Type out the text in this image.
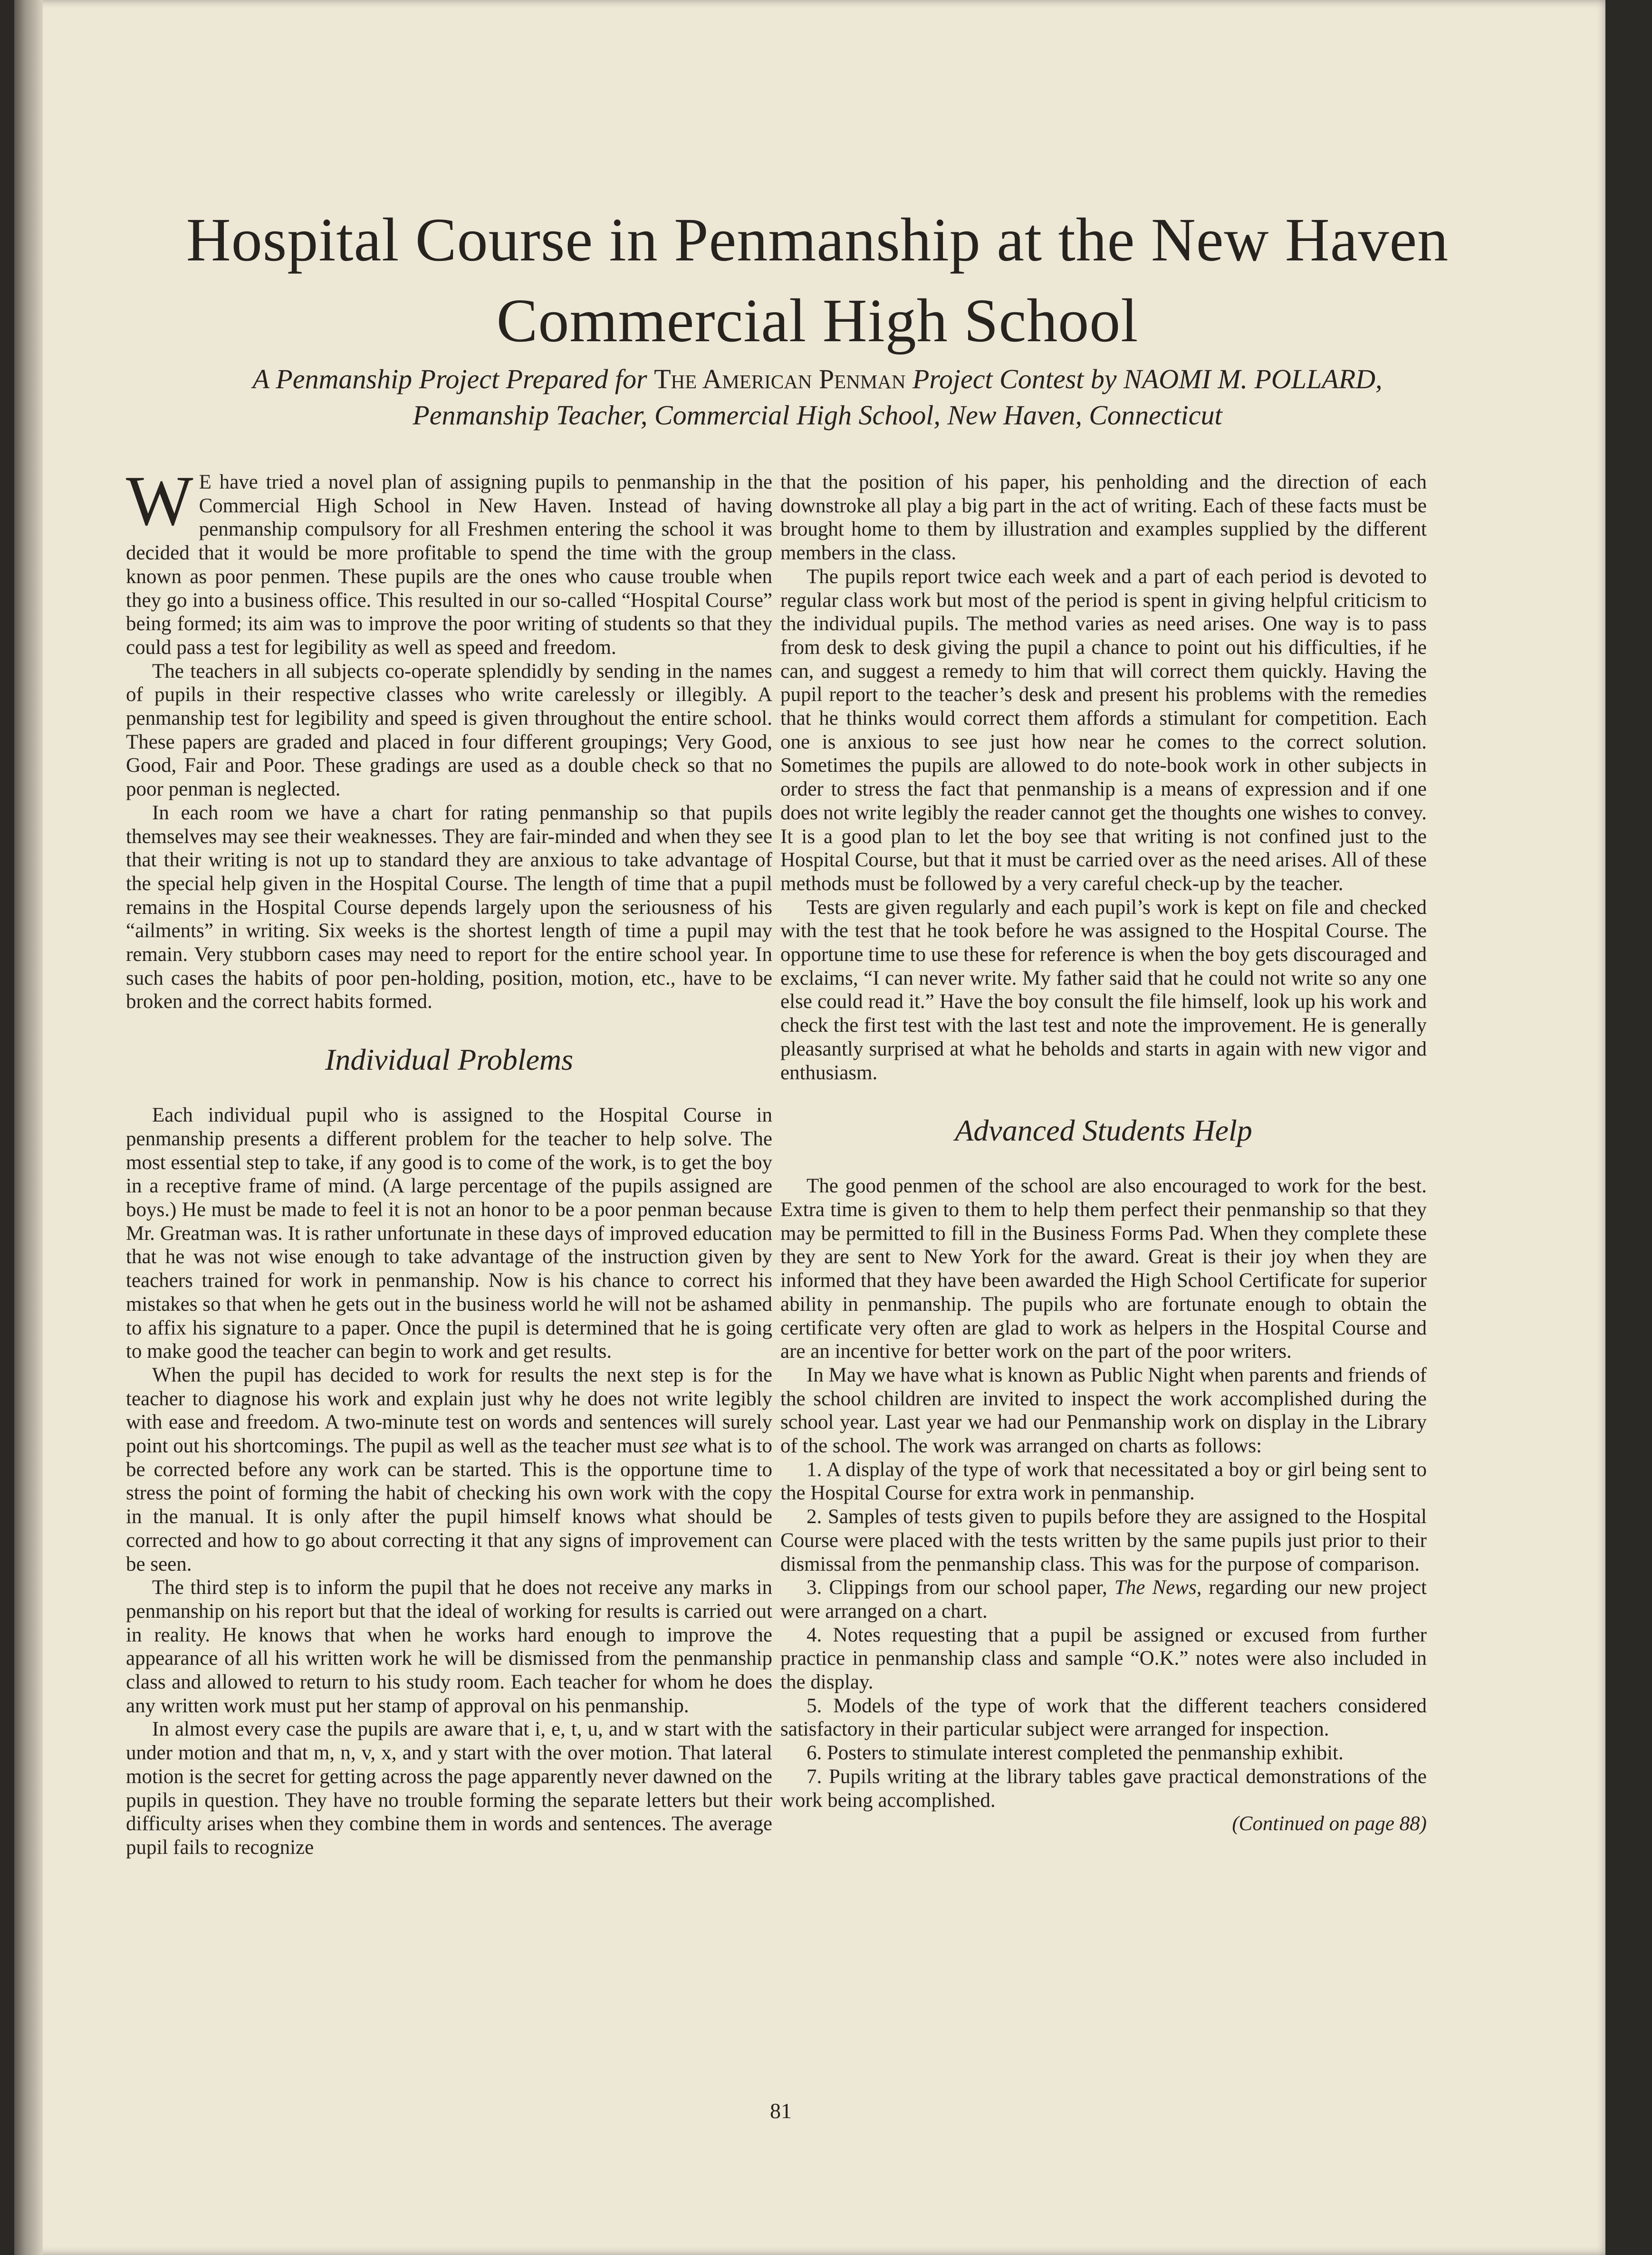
Hospital Course in Penmanship at the New Haven Commercial High School
A Penmanship Project Prepared for The American Penman Project Contest by NAOMI M. POLLARD,
Penmanship Teacher, Commercial High School, New Haven, Connecticut

W E have tried a novel plan of assigning pupils to penmanship in the Commercial High School in New Haven. Instead of having penmanship compulsory for all Freshmen entering the school it was decided that it would be more profitable to spend the time with the group known as poor penmen. These pupils are the ones who cause trouble when they go into a business office. This resulted in our so-called “Hospital Course” being formed; its aim was to improve the poor writing of students so that they could pass a test for legibility as well as speed and freedom.

The teachers in all subjects co-operate splendidly by sending in the names of pupils in their respective classes who write carelessly or illegibly. A penmanship test for legibility and speed is given throughout the entire school. These papers are graded and placed in four different groupings; Very Good, Good, Fair and Poor. These gradings are used as a double check so that no poor penman is neglected.

In each room we have a chart for rating penmanship so that pupils themselves may see their weaknesses. They are fair-minded and when they see that their writing is not up to standard they are anxious to take advantage of the special help given in the Hospital Course. The length of time that a pupil remains in the Hospital Course depends largely upon the seriousness of his “ailments” in writing. Six weeks is the shortest length of time a pupil may remain. Very stubborn cases may need to report for the entire school year. In such cases the habits of poor pen-holding, position, motion, etc., have to be broken and the correct habits formed.

Individual Problems

Each individual pupil who is assigned to the Hospital Course in penmanship presents a different problem for the teacher to help solve. The most essential step to take, if any good is to come of the work, is to get the boy in a receptive frame of mind. (A large percentage of the pupils assigned are boys.) He must be made to feel it is not an honor to be a poor penman because Mr. Greatman was. It is rather unfortunate in these days of improved education that he was not wise enough to take advantage of the instruction given by teachers trained for work in penmanship. Now is his chance to correct his mistakes so that when he gets out in the business world he will not be ashamed to affix his signature to a paper. Once the pupil is determined that he is going to make good the teacher can begin to work and get results.

When the pupil has decided to work for results the next step is for the teacher to diagnose his work and explain just why he does not write legibly with ease and freedom. A two-minute test on words and sentences will surely point out his shortcomings. The pupil as well as the teacher must see what is to be corrected before any work can be started. This is the opportune time to stress the point of forming the habit of checking his own work with the copy in the manual. It is only after the pupil himself knows what should be corrected and how to go about correcting it that any signs of improvement can be seen.

The third step is to inform the pupil that he does not receive any marks in penmanship on his report but that the ideal of working for results is carried out in reality. He knows that when he works hard enough to improve the appearance of all his written work he will be dismissed from the penmanship class and allowed to return to his study room. Each teacher for whom he does any written work must put her stamp of approval on his penmanship.

In almost every case the pupils are aware that i, e, t, u, and w start with the under motion and that m, n, v, x, and y start with the over motion. That lateral motion is the secret for getting across the page apparently never dawned on the pupils in question. They have no trouble forming the separate letters but their difficulty arises when they combine them in words and sentences. The average pupil fails to recognize

that the position of his paper, his penholding and the direction of each downstroke all play a big part in the act of writing. Each of these facts must be brought home to them by illustration and examples supplied by the different members in the class.

The pupils report twice each week and a part of each period is devoted to regular class work but most of the period is spent in giving helpful criticism to the individual pupils. The method varies as need arises. One way is to pass from desk to desk giving the pupil a chance to point out his difficulties, if he can, and suggest a remedy to him that will correct them quickly. Having the pupil report to the teacher’s desk and present his problems with the remedies that he thinks would correct them affords a stimulant for competition. Each one is anxious to see just how near he comes to the correct solution. Sometimes the pupils are allowed to do note-book work in other subjects in order to stress the fact that penmanship is a means of expression and if one does not write legibly the reader cannot get the thoughts one wishes to convey. It is a good plan to let the boy see that writing is not confined just to the Hospital Course, but that it must be carried over as the need arises. All of these methods must be followed by a very careful check-up by the teacher.

Tests are given regularly and each pupil’s work is kept on file and checked with the test that he took before he was assigned to the Hospital Course. The opportune time to use these for reference is when the boy gets discouraged and exclaims, “I can never write. My father said that he could not write so any one else could read it.” Have the boy consult the file himself, look up his work and check the first test with the last test and note the improvement. He is generally pleasantly surprised at what he beholds and starts in again with new vigor and enthusiasm.

Advanced Students Help

The good penmen of the school are also encouraged to work for the best. Extra time is given to them to help them perfect their penmanship so that they may be permitted to fill in the Business Forms Pad. When they complete these they are sent to New York for the award. Great is their joy when they are informed that they have been awarded the High School Certificate for superior ability in penmanship. The pupils who are fortunate enough to obtain the certificate very often are glad to work as helpers in the Hospital Course and are an incentive for better work on the part of the poor writers.

In May we have what is known as Public Night when parents and friends of the school children are invited to inspect the work accomplished during the school year. Last year we had our Penmanship work on display in the Library of the school. The work was arranged on charts as follows:

1. A display of the type of work that necessitated a boy or girl being sent to the Hospital Course for extra work in penmanship.

2. Samples of tests given to pupils before they are assigned to the Hospital Course were placed with the tests written by the same pupils just prior to their dismissal from the penmanship class. This was for the purpose of comparison.

3. Clippings from our school paper, The News, regarding our new project were arranged on a chart.

4. Notes requesting that a pupil be assigned or excused from further practice in penmanship class and sample “O.K.” notes were also included in the display.

5. Models of the type of work that the different teachers considered satisfactory in their particular subject were arranged for inspection.

6. Posters to stimulate interest completed the penmanship exhibit.

7. Pupils writing at the library tables gave practical demonstrations of the work being accomplished.

(Continued on page 88)

81
